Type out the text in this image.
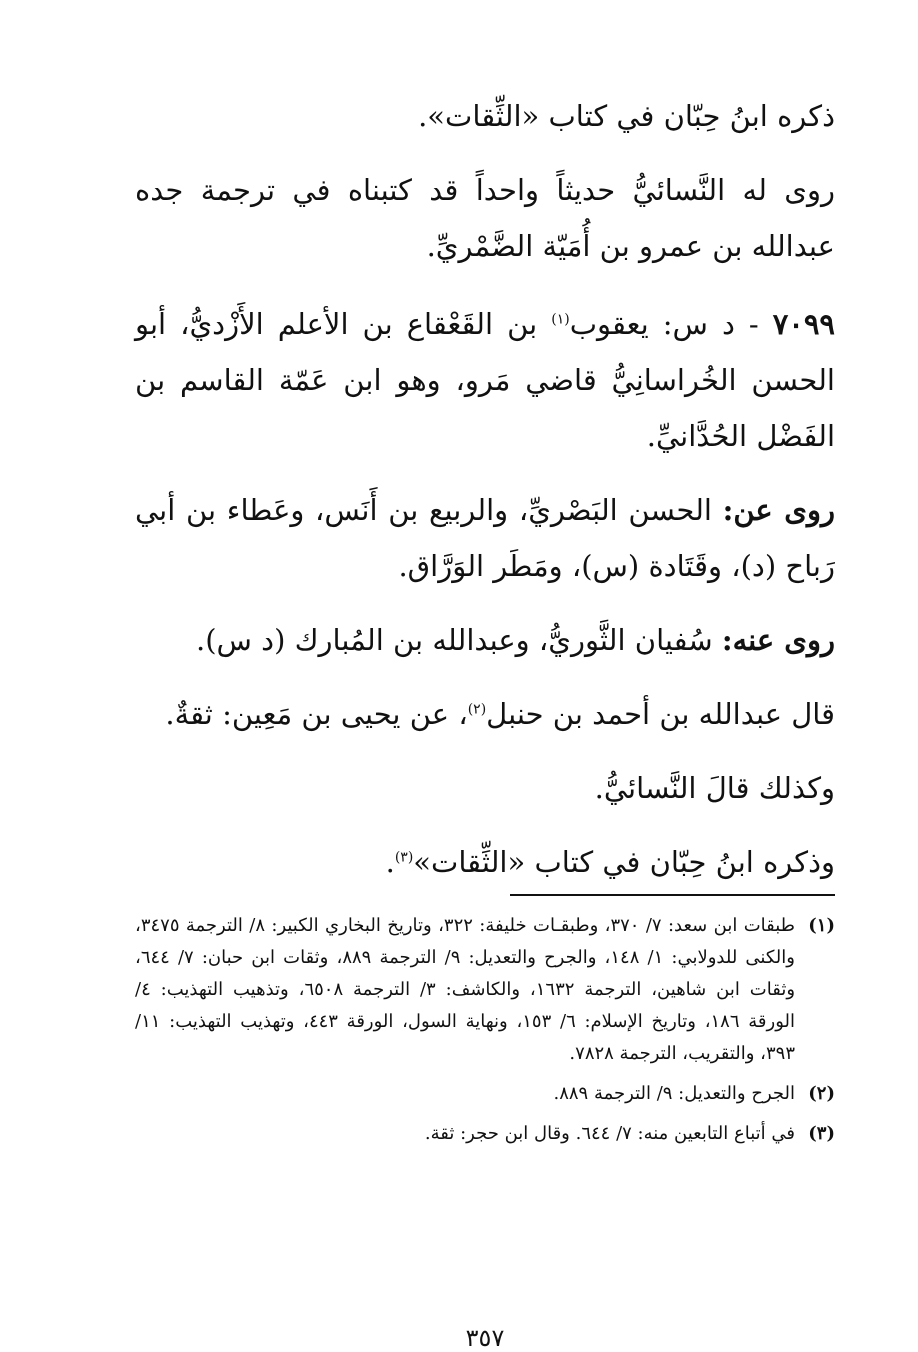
ذكره ابنُ حِبّان في كتاب «الثِّقات».

روى له النَّسائيُّ حديثاً واحداً قد كتبناه في ترجمة جده عبدالله بن عمرو بن أُمَيّة الضَّمْريِّ.

٧٠٩٩ - د س: يعقوب$^{(١)}$ بن القَعْقاع بن الأعلم الأَزْديُّ، أبو الحسن الخُراسانِيُّ قاضي مَرو، وهو ابن عَمّة القاسم بن الفَضْل الحُدَّانيِّ.

روى عن: الحسن البَصْريِّ، والربيع بن أَنَس، وعَطاء بن أبي رَباح (د)، وقَتَادة (س)، ومَطَر الوَرَّاق.

روى عنه: سُفيان الثَّوريُّ، وعبدالله بن المُبارك (د س).

قال عبدالله بن أحمد بن حنبل$^{(٢)}$، عن يحيى بن مَعِين: ثقةٌ.

وكذلك قالَ النَّسائيُّ.

وذكره ابنُ حِبّان في كتاب «الثِّقات»$^{(٣)}$.

(١)
طبقات ابن سعد: ٧/ ٣٧٠، وطبقـات خليفة: ٣٢٢، وتاريخ البخاري الكبير: ٨/ الترجمة ٣٤٧٥، والكنى للدولابي: ١/ ١٤٨، والجرح والتعديل: ٩/ الترجمة ٨٨٩، وثقات ابن حبان: ٧/ ٦٤٤، وثقات ابن شاهين، الترجمة ١٦٣٢، والكاشف: ٣/ الترجمة ٦٥٠٨، وتذهيب التهذيب: ٤/ الورقة ١٨٦، وتاريخ الإسلام: ٦/ ١٥٣، ونهاية السول، الورقة ٤٤٣، وتهذيب التهذيب: ١١/ ٣٩٣، والتقريب، الترجمة ٧٨٢٨.
(٢)
الجرح والتعديل: ٩/ الترجمة ٨٨٩.
(٣)
في أتباع التابعين منه: ٧/ ٦٤٤. وقال ابن حجر: ثقة.
٣٥٧
